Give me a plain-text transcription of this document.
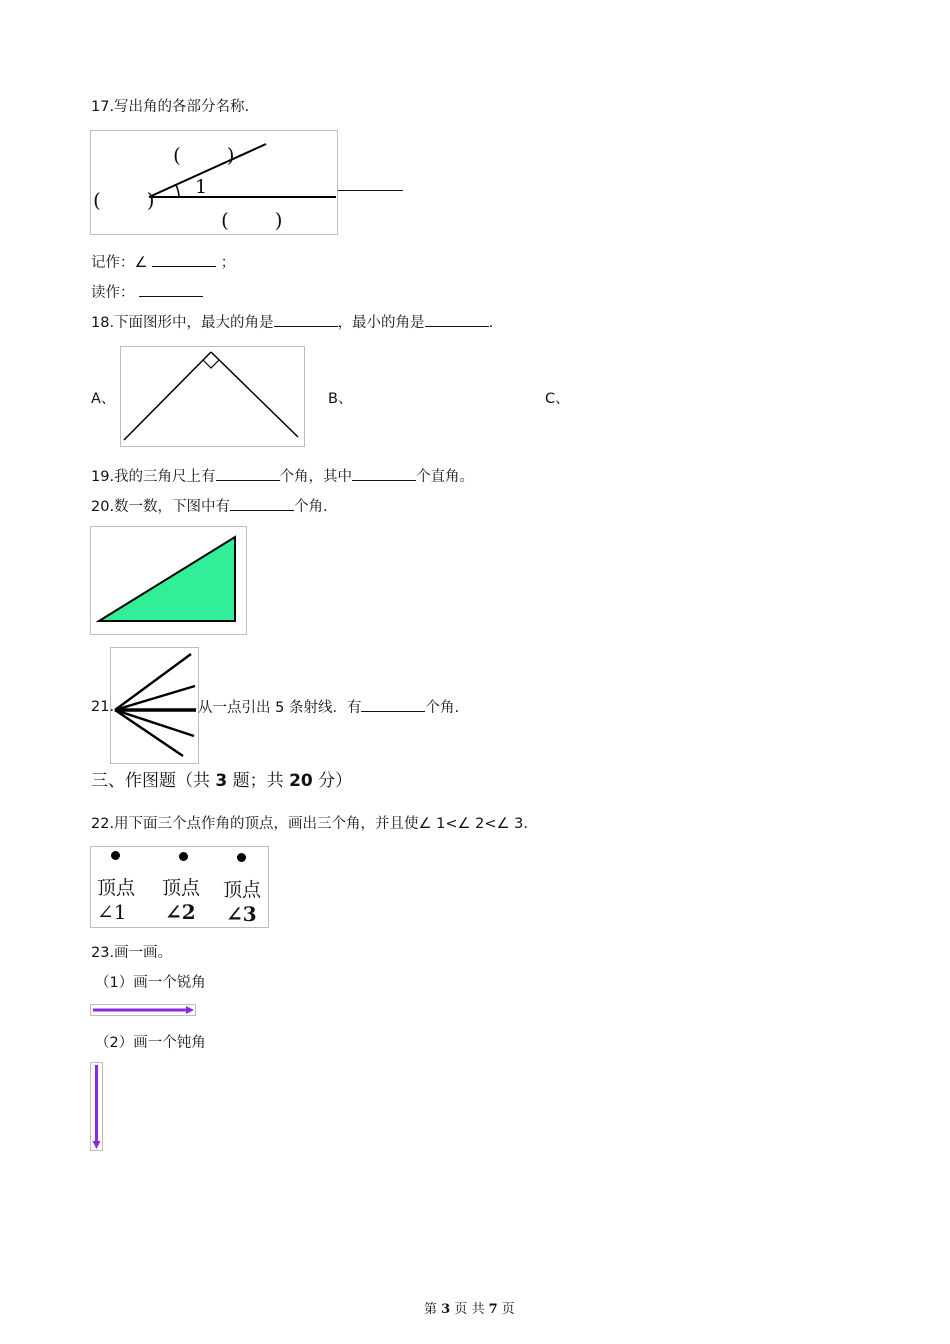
17.写出角的各部分名称.
(　　)
(　　)
(　　)
1
记作：∠	；
读作：
18.下面图形中，最大的角是	，最小的角是	.
A、	B、	C、
19.我的三角尺上有	个角，其中	个直角。
20.数一数，下图中有	个角.
21.	从一点引出 5 条射线．有	个角.
三、作图题（共 3 题；共 20 分）
22.用下面三个点作角的顶点，画出三个角，并且使∠ 1<∠ 2<∠ 3.
顶点 顶点 顶点
∠1 ∠2 ∠3
23.画一画。
（1）画一个锐角
（2）画一个钝角
第 3 页 共 7 页
